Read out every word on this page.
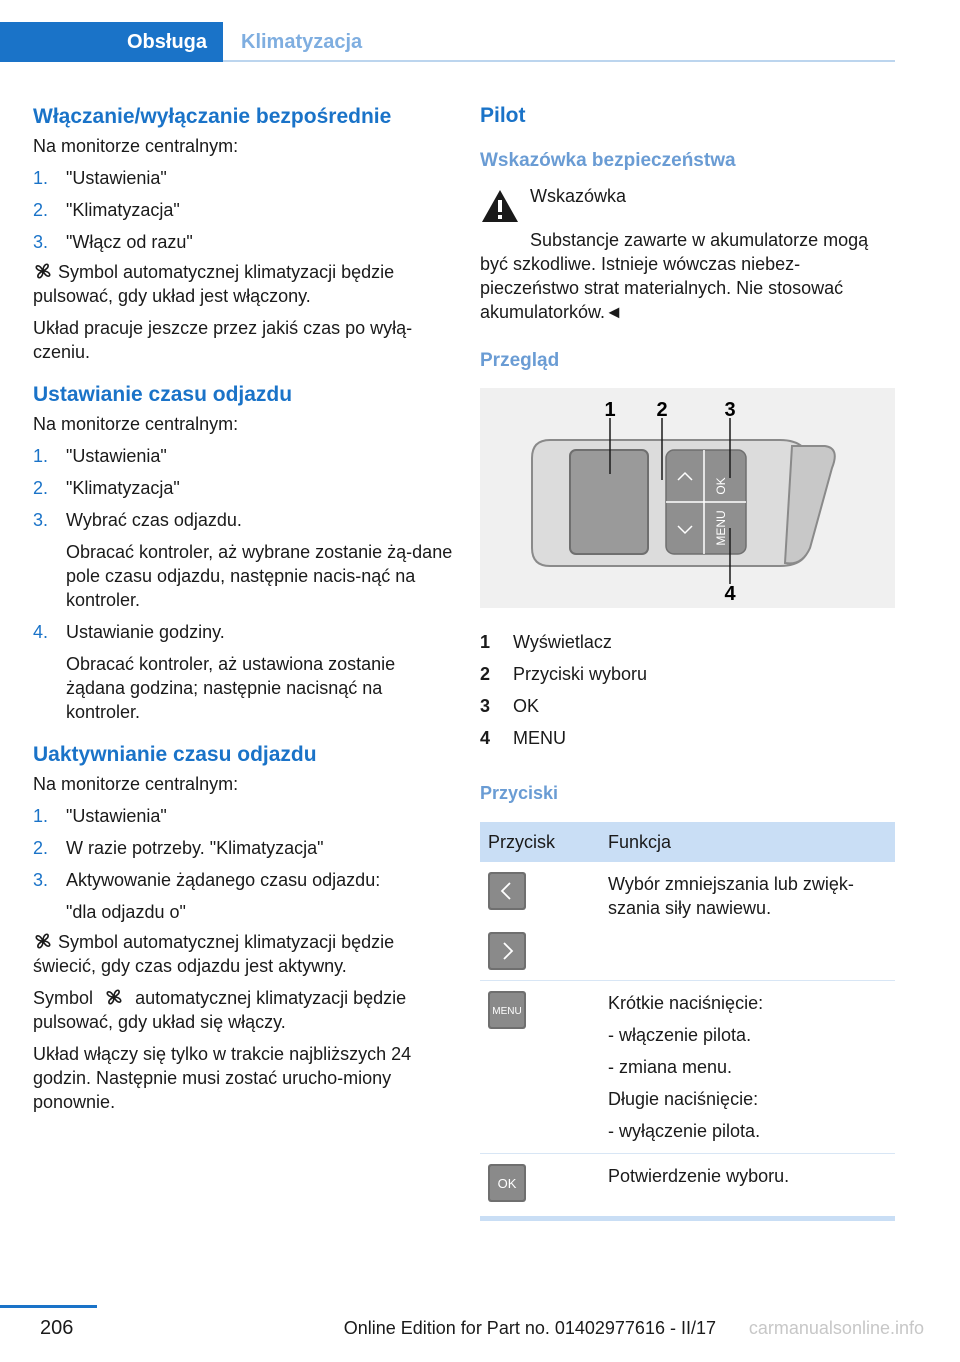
Obsługa	Klimatyzacja
Włączanie/wyłączanie bezpośrednie

Na monitorze centralnym:

1. "Ustawienia"
2. "Klimatyzacja"
3. "Włącz od razu"

Symbol automatycznej klimatyzacji będzie pulsować, gdy układ jest włączony.

Układ pracuje jeszcze przez jakiś czas po wyłą-czeniu.

Ustawianie czasu odjazdu

Na monitorze centralnym:

1. "Ustawienia"
2. "Klimatyzacja"
3. Wybrać czas odjazdu.
Obracać kontroler, aż wybrane zostanie żą-dane pole czasu odjazdu, następnie nacis-nąć na kontroler.
4. Ustawianie godziny.
Obracać kontroler, aż ustawiona zostanie żądana godzina; następnie nacisnąć na kontroler.
Uaktywnianie czasu odjazdu

Na monitorze centralnym:

1. "Ustawienia"
2. W razie potrzeby. "Klimatyzacja"
3. Aktywowanie żądanego czasu odjazdu:
"dla odjazdu o"

Symbol automatycznej klimatyzacji będzie świecić, gdy czas odjazdu jest aktywny.

Symbol automatycznej klimatyzacji będzie pulsować, gdy układ się włączy.

Układ włączy się tylko w trakcie najbliższych 24 godzin. Następnie musi zostać urucho-miony ponownie.

Pilot
Wskazówka bezpieczeństwa

Wskazówka

Substancje zawarte w akumulatorze mogą być szkodliwe. Istnieje wówczas niebez-pieczeństwo strat materialnych. Nie stosować akumulatorków.◄

Przegląd
OK
MENU
1 2	3
4
1	Wyświetlacz
2	Przyciski wyboru
3	OK
4	MENU
Przyciski
Przycisk	Funkcja

	Wybór zmniejszania lub zwięk-szania siły nawiewu.

MENU	Krótkie naciśnięcie:
- włączenie pilota.
- zmiana menu.
Długie naciśnięcie:
- wyłączenie pilota.

OK	Potwierdzenie wyboru.
206	Online Edition for Part no. 01402977616 - II/17 carmanualsonline.info
